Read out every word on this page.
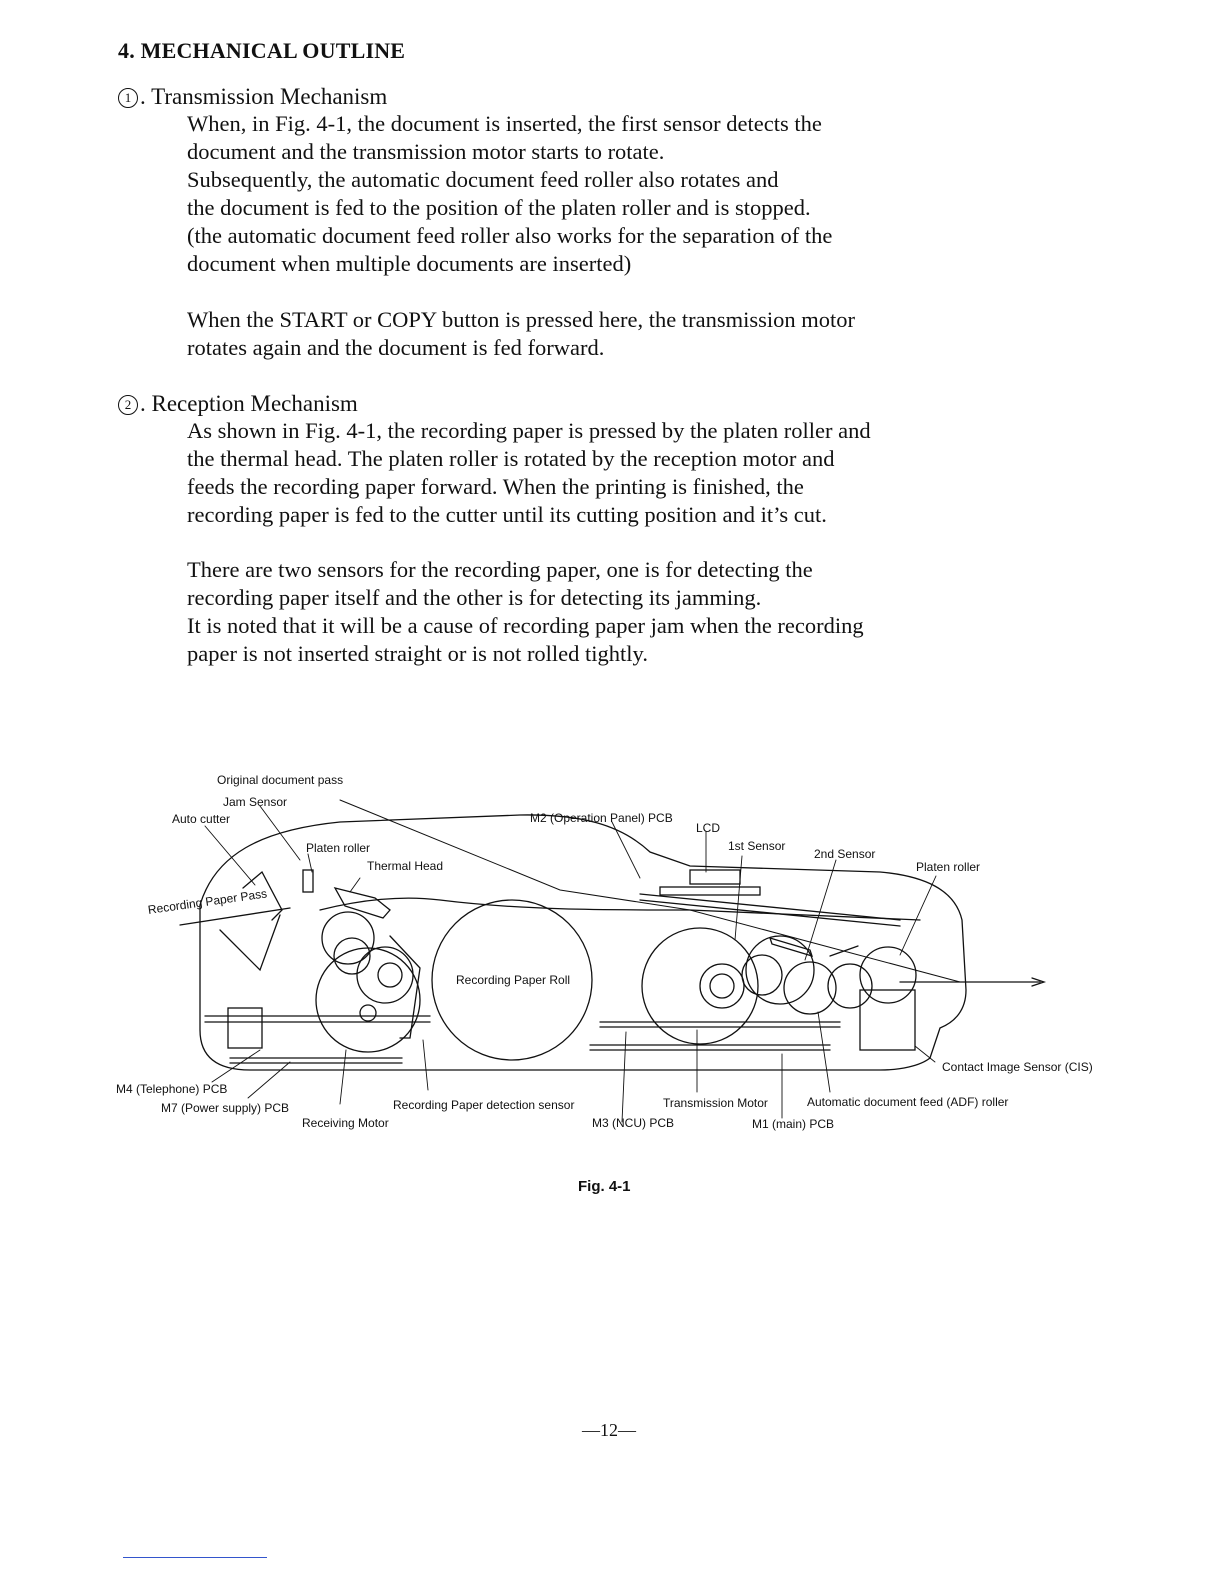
4. MECHANICAL OUTLINE
1 . Transmission Mechanism

When, in Fig. 4-1, the document is inserted, the first sensor detects the
document and the transmission motor starts to rotate.
Subsequently, the automatic document feed roller also rotates and
the document is fed to the position of the platen roller and is stopped.
(the automatic document feed roller also works for the separation of the
document when multiple documents are inserted)

When the START or COPY button is pressed here, the transmission motor
rotates again and the document is fed forward.

2 . Reception Mechanism

As shown in Fig. 4-1, the recording paper is pressed by the platen roller and
the thermal head. The platen roller is rotated by the reception motor and
feeds the recording paper forward. When the printing is finished, the
recording paper is fed to the cutter until its cutting position and it’s cut.

There are two sensors for the recording paper, one is for detecting the
recording paper itself and the other is for detecting its jamming.
It is noted that it will be a cause of recording paper jam when the recording
paper is not inserted straight or is not rolled tightly.

Original document pass
Jam Sensor
Auto cutter	M2 (Operation Panel) PCB
LCD
Platen roller	1st Sensor
2nd Sensor
Platen roller
Thermal Head
Recording Paper Pass
Recording Paper Roll
Contact Image Sensor (CIS)
M4 (Telephone) PCB
M7 (Power supply) PCB	Recording Paper detection sensor	Transmission Motor	Automatic document feed (ADF) roller
Receiving Motor	M3 (NCU) PCB	M1 (main) PCB
Fig. 4-1
—12—
